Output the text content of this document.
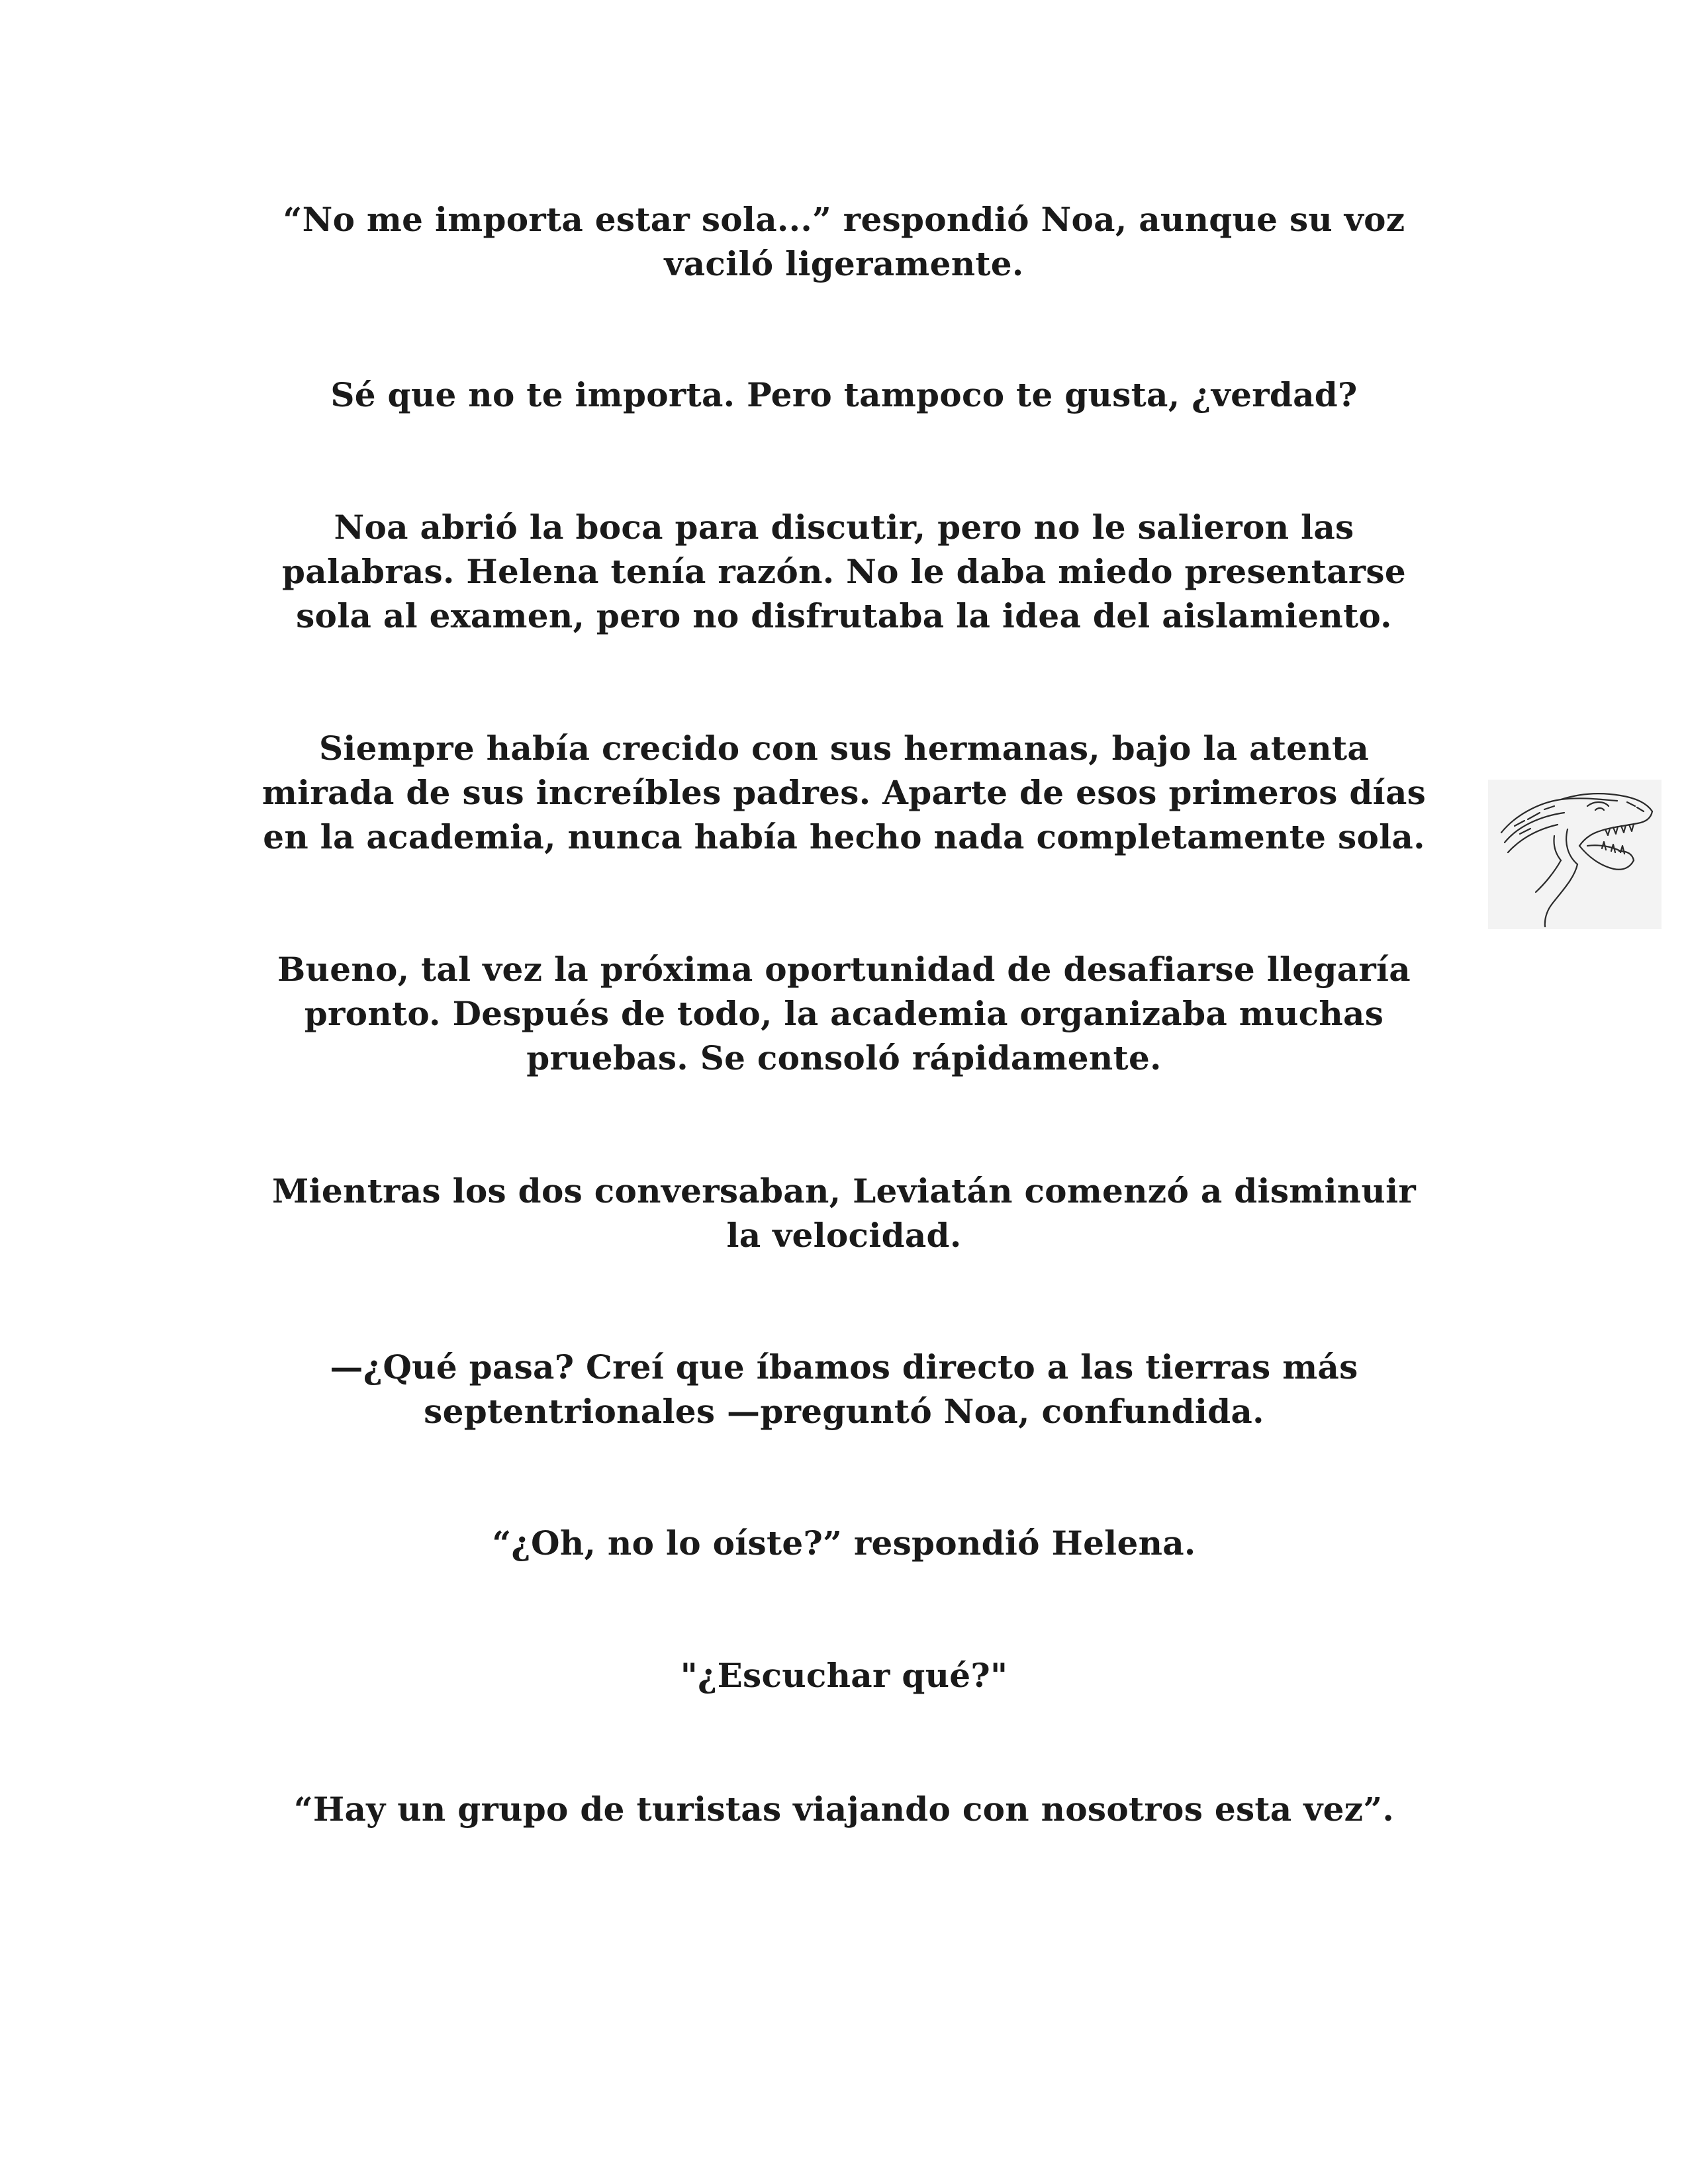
“No me importa estar sola...” respondió Noa, aunque su voz
vaciló ligeramente.
Sé que no te importa. Pero tampoco te gusta, ¿verdad?
Noa abrió la boca para discutir, pero no le salieron las
palabras. Helena tenía razón. No le daba miedo presentarse
sola al examen, pero no disfrutaba la idea del aislamiento.
Siempre había crecido con sus hermanas, bajo la atenta
mirada de sus increíbles padres. Aparte de esos primeros días
en la academia, nunca había hecho nada completamente sola.
Bueno, tal vez la próxima oportunidad de desafiarse llegaría
pronto. Después de todo, la academia organizaba muchas
pruebas. Se consoló rápidamente.
Mientras los dos conversaban, Leviatán comenzó a disminuir
la velocidad.
—¿Qué pasa? Creí que íbamos directo a las tierras más
septentrionales —preguntó Noa, confundida.
“¿Oh, no lo oíste?” respondió Helena.
"¿Escuchar qué?"
“Hay un grupo de turistas viajando con nosotros esta vez”.
